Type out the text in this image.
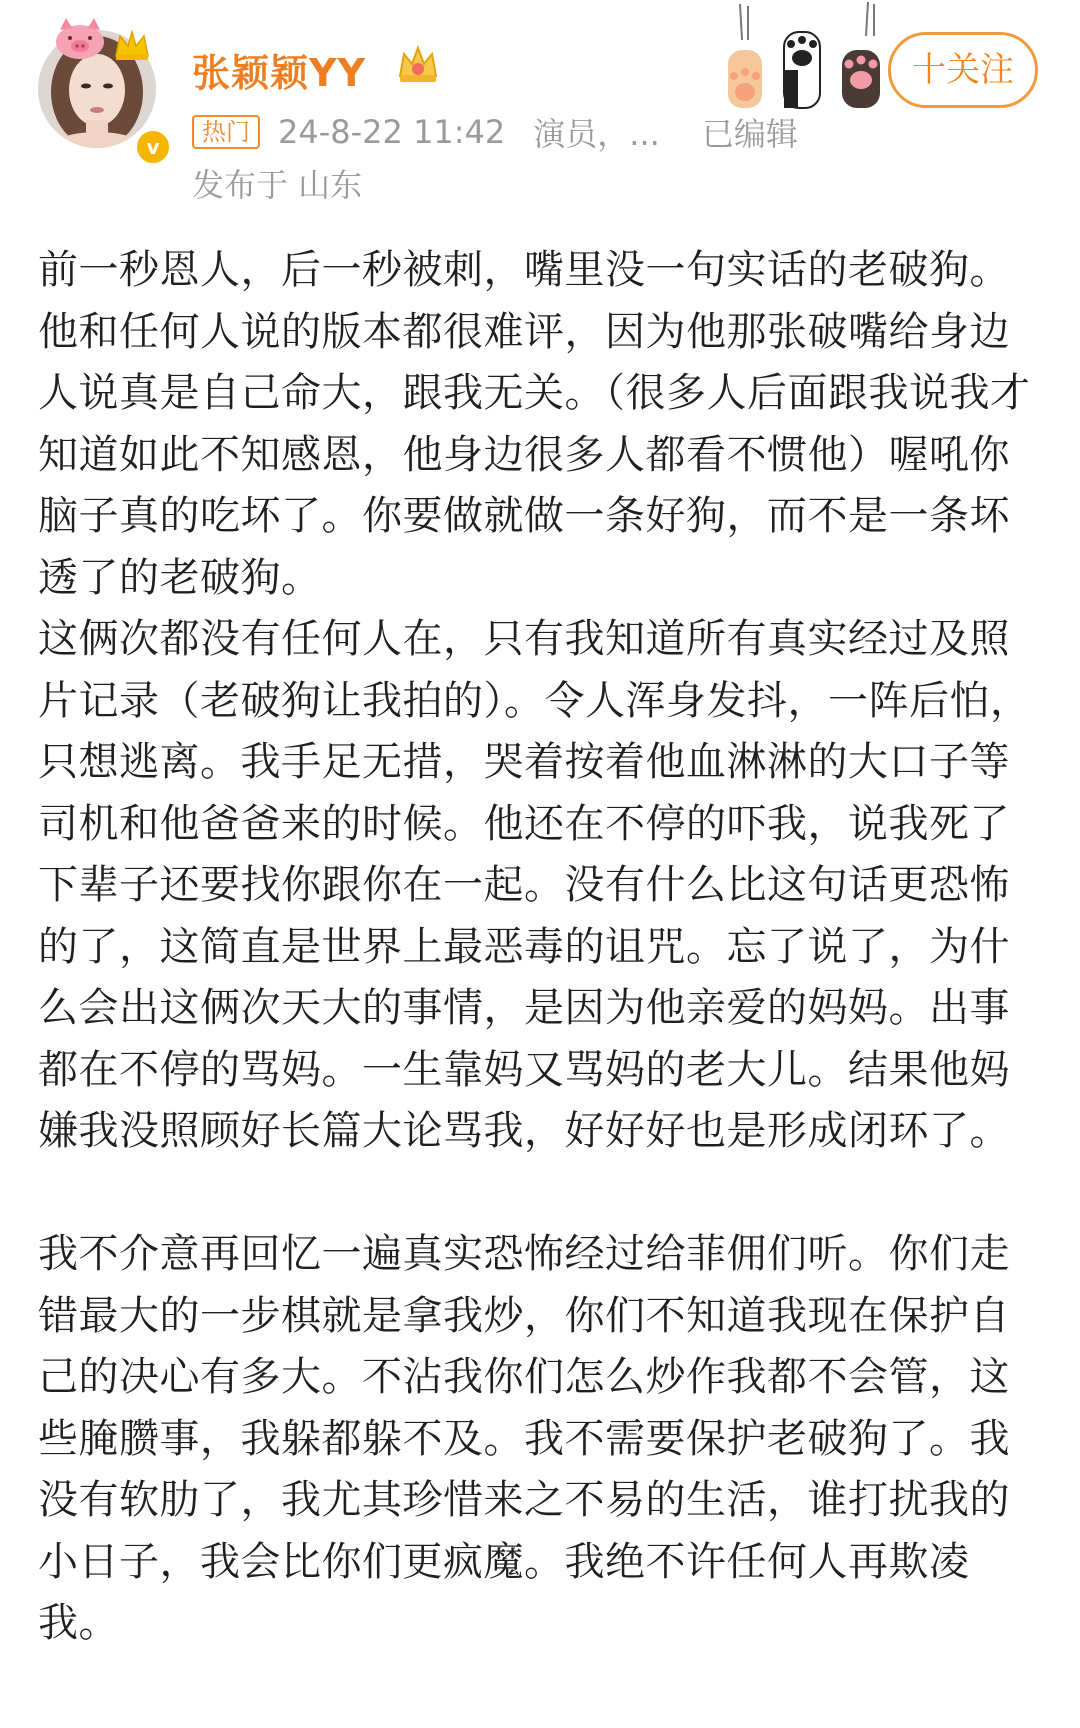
v
张颖颖YY
热门 24-8-22 11:42 演员，... 已编辑
发布于 山东
十关注

前一秒恩人，后一秒被刺，嘴里没一句实话的老破狗。他和任何人说的版本都很难评，因为他那张破嘴给身边人说真是自己命大，跟我无关。（很多人后面跟我说我才知道如此不知感恩，他身边很多人都看不惯他）喔吼你脑子真的吃坏了。你要做就做一条好狗，而不是一条坏透了的老破狗。

这俩次都没有任何人在，只有我知道所有真实经过及照片记录（老破狗让我拍的）。令人浑身发抖，一阵后怕，只想逃离。我手足无措，哭着按着他血淋淋的大口子等司机和他爸爸来的时候。他还在不停的吓我，说我死了下辈子还要找你跟你在一起。没有什么比这句话更恐怖的了，这简直是世界上最恶毒的诅咒。忘了说了，为什么会出这俩次天大的事情，是因为他亲爱的妈妈。出事都在不停的骂妈。一生靠妈又骂妈的老大儿。结果他妈嫌我没照顾好长篇大论骂我，好好好也是形成闭环了。

我不介意再回忆一遍真实恐怖经过给菲佣们听。你们走错最大的一步棋就是拿我炒，你们不知道我现在保护自己的决心有多大。不沾我你们怎么炒作我都不会管，这些腌臜事，我躲都躲不及。我不需要保护老破狗了。我没有软肋了，我尤其珍惜来之不易的生活，谁打扰我的小日子，我会比你们更疯魔。我绝不许任何人再欺凌我。
